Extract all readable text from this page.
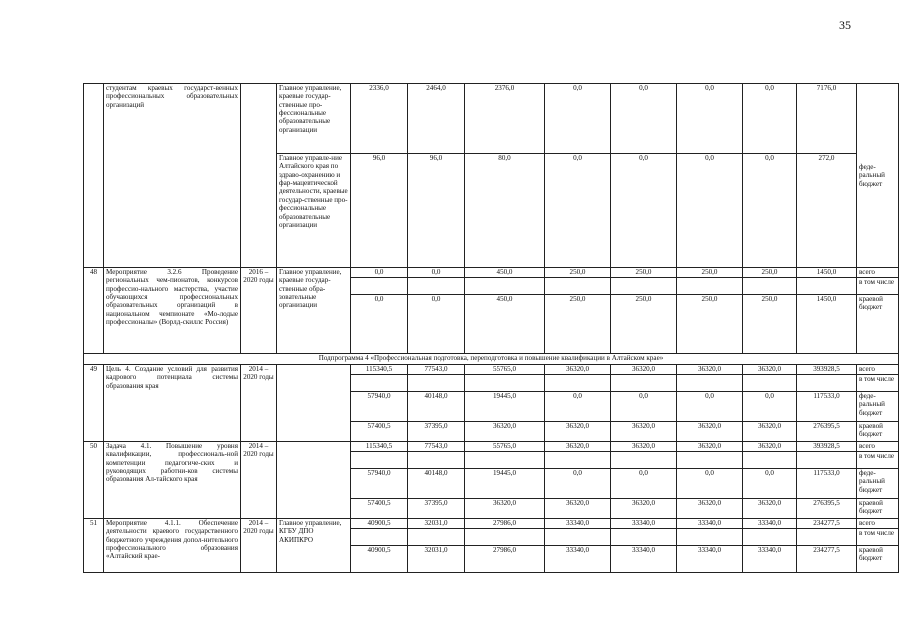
35
	студентам краевых государст-венных профессиональных образовательных организаций		Главное управление, краевые государ-ственные про-фессиональные образовательные организации	2336,0	2464,0	2376,0	0,0	0,0	0,0	0,0	7176,0	феде-ральный бюджет
			Главное управле-ние Алтайского края по здраво-охранению и фар-мацевтической деятельности, краевые государ-ственные про-фессиональные образовательные организации	96,0	96,0	80,0	0,0	0,0	0,0	0,0	272,0	
48	Мероприятие 3.2.6 Проведение региональных чем-пионатов, конкурсов профессио-нального мастерства, участие обучающихся профессиональных образовательных организаций в национальном чемпионате «Мо-лодые профессионалы» (Ворлд-скиллс Россия)	2016 – 2020 годы	Главное управление, краевые государ-ственные обра-зовательные организации	0,0	0,0	450,0	250,0	250,0	250,0	250,0	1450,0	всего
												в том числе
				0,0	0,0	450,0	250,0	250,0	250,0	250,0	1450,0	краевой бюджет
Подпрограмма 4 «Профессиональная подготовка, переподготовка и повышение квалификации в Алтайском крае»												
49	Цель 4. Создание условий для развития кадрового потенциала системы образования края	2014 – 2020 годы		115340,5	77543,0	55765,0	36320,0	36320,0	36320,0	36320,0	393928,5	всего
												в том числе
				57940,0	40148,0	19445,0	0,0	0,0	0,0	0,0	117533,0	феде-ральный бюджет
				57400,5	37395,0	36320,0	36320,0	36320,0	36320,0	36320,0	276395,5	краевой бюджет
50	Задача 4.1. Повышение уровня квалификации, профессиональ-ной компетенции педагогиче-ских и руководящих работни-ков системы образования Ал-тайского края	2014 – 2020 годы		115340,5	77543,0	55765,0	36320,0	36320,0	36320,0	36320,0	393928,5	всего
												в том числе
				57940,0	40148,0	19445,0	0,0	0,0	0,0	0,0	117533,0	феде-ральный бюджет
				57400,5	37395,0	36320,0	36320,0	36320,0	36320,0	36320,0	276395,5	краевой бюджет
51	Мероприятие 4.1.1. Обеспечение деятельности краевого государственного бюджетного учреждения допол-нительного профессионального образования «Алтайский крае-	2014 – 2020 годы	Главное управление, КГБУ ДПО АКИПКРО	40900,5	32031,0	27986,0	33340,0	33340,0	33340,0	33340,0	234277,5	всего
												в том числе
				40900,5	32031,0	27986,0	33340,0	33340,0	33340,0	33340,0	234277,5	краевой бюджет
